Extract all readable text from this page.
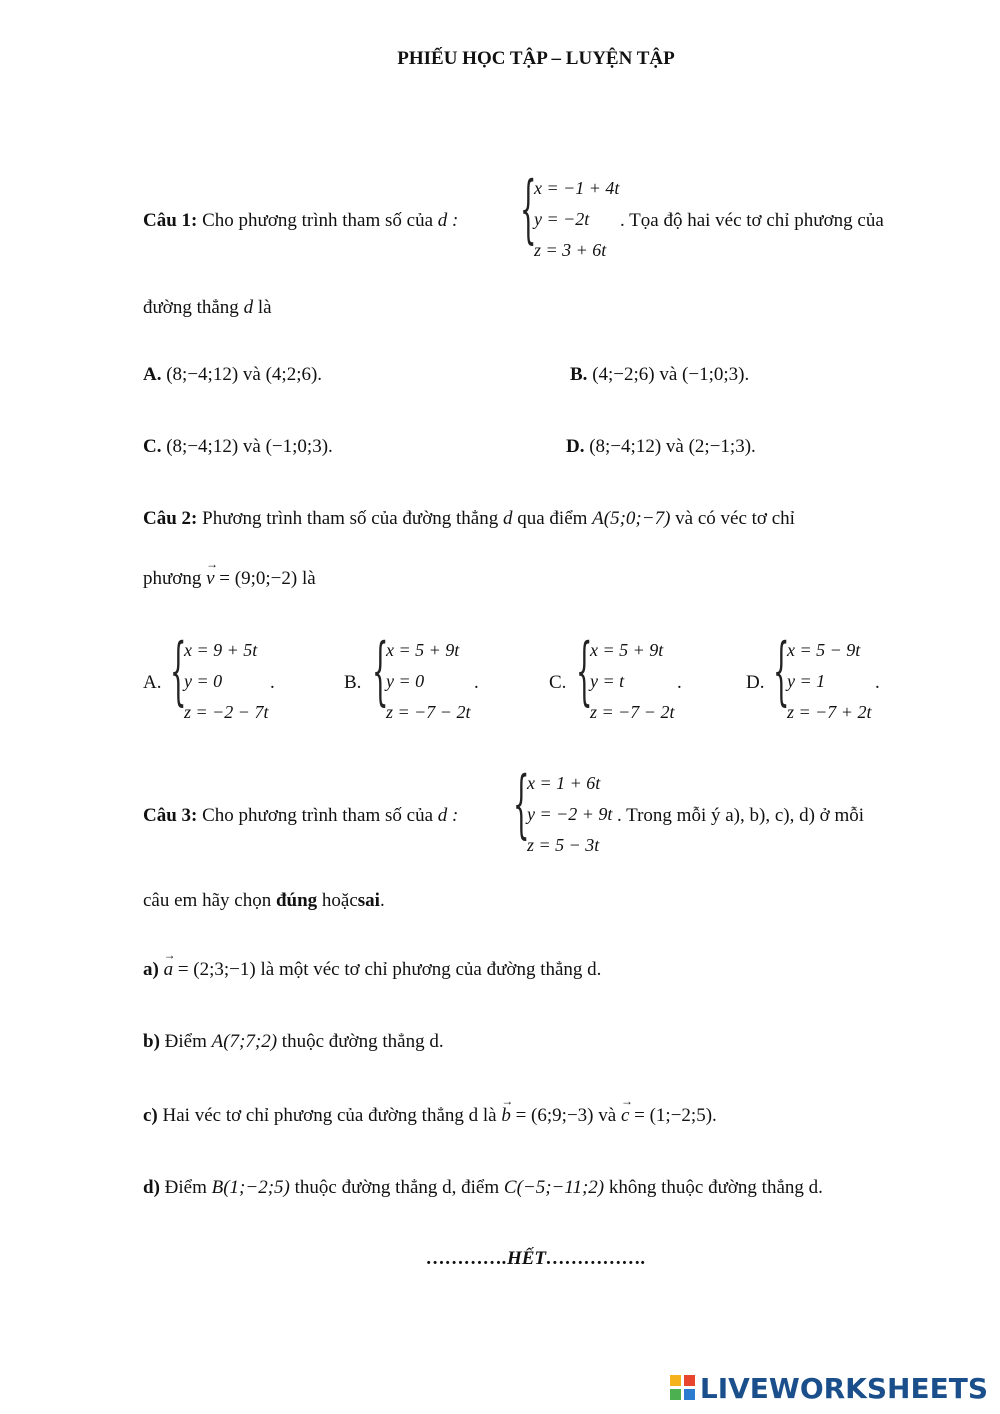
PHIẾU HỌC TẬP – LUYỆN TẬP
Câu 1: Cho phương trình tham số của d : {
x = −1 + 4t
y = −2t
z = 3 + 6t
. Tọa độ hai véc tơ chỉ phương của
đường thẳng d là
A. (8;−4;12) và (4;2;6).	B. (4;−2;6) và (−1;0;3).
C. (8;−4;12) và (−1;0;3).	D. (8;−4;12) và (2;−1;3).
Câu 2: Phương trình tham số của đường thẳng d qua điểm A(5;0;−7) và có véc tơ chỉ
phương → v = (9;0;−2) là
A. {
x = 9 + 5t
y = 0
z = −2 − 7t
.	B. {
x = 5 + 9t
y = 0
z = −7 − 2t
.	C. {
x = 5 + 9t
y = t
z = −7 − 2t
.	D. {
x = 5 − 9t
y = 1
z = −7 + 2t
.
Câu 3: Cho phương trình tham số của d : {
x = 1 + 6t
y = −2 + 9t
z = 5 − 3t
. Trong mỗi ý a), b), c), d) ở mỗi
câu em hãy chọn đúng hoặcsai.
a) → a = (2;3;−1) là một véc tơ chỉ phương của đường thẳng d.
b) Điểm A(7;7;2) thuộc đường thẳng d.
c) Hai véc tơ chỉ phương của đường thẳng d là → b = (6;9;−3) và → c = (1;−2;5).
d) Điểm B(1;−2;5) thuộc đường thẳng d, điểm C(−5;−11;2) không thuộc đường thẳng d.
………….HẾT…………….
LIVEWORKSHEETS
